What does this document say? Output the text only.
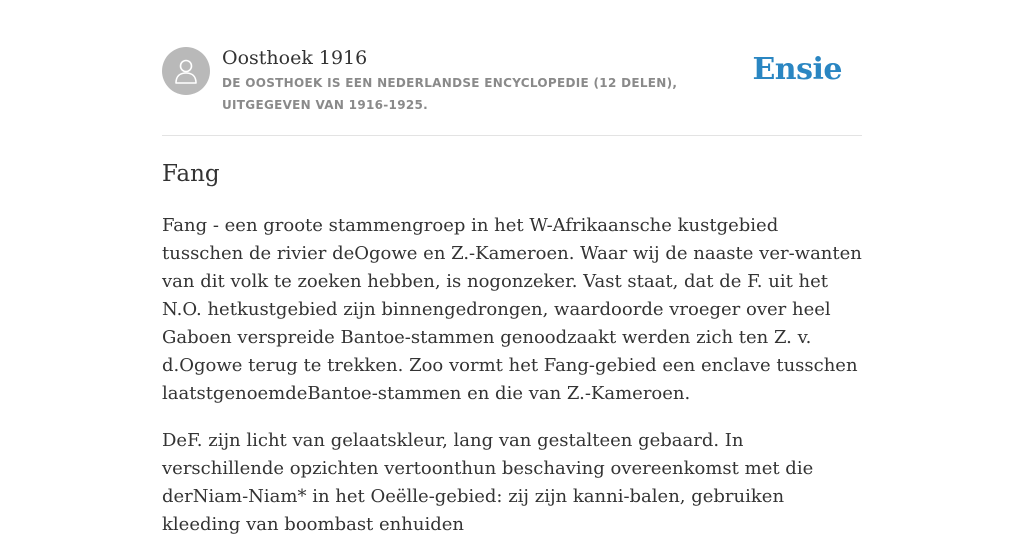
Oosthoek 1916
DE OOSTHOEK IS EEN NEDERLANDSE ENCYCLOPEDIE (12 DELEN), UITGEGEVEN VAN 1916-1925.
Ensie
Fang

Fang - een groote stammengroep in het W-Afrikaansche kustgebied tusschen de rivier deOgowe en Z.-Kameroen. Waar wij de naaste ver-wanten van dit volk te zoeken hebben, is nogonzeker. Vast staat, dat de F. uit het N.O. hetkustgebied zijn binnengedrongen, waardoorde vroeger over heel Gaboen verspreide Bantoe-stammen genoodzaakt werden zich ten Z. v. d.Ogowe terug te trekken. Zoo vormt het Fang-gebied een enclave tusschen laatstgenoemdeBantoe-stammen en die van Z.-Kameroen.

DeF. zijn licht van gelaatskleur, lang van gestalteen gebaard. In verschillende opzichten vertoonthun beschaving overeenkomst met die derNiam-Niam* in het Oeëlle-gebied: zij zijn kanni-balen, gebruiken kleeding van boombast enhuiden
